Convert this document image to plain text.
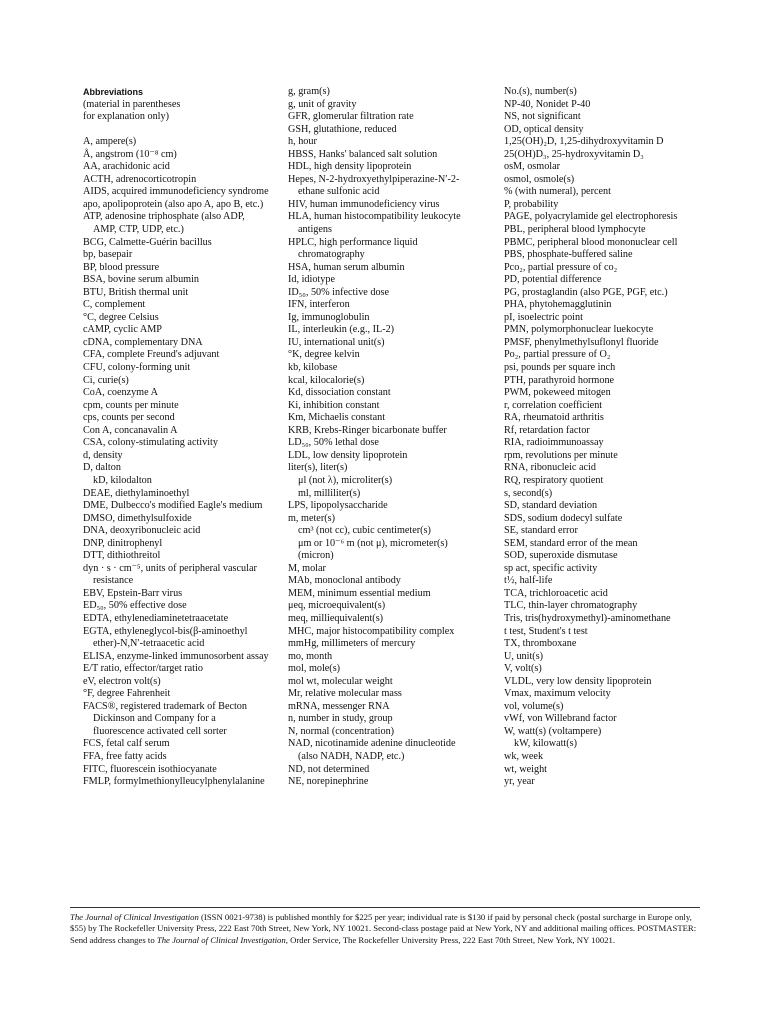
Abbreviations
(material in parentheses
for explanation only)
A, ampere(s)
Å, angstrom (10⁻⁸ cm)
AA, arachidonic acid
ACTH, adrenocorticotropin
AIDS, acquired immunodeficiency syndrome
apo, apolipoprotein (also apo A, apo B, etc.)
ATP, adenosine triphosphate (also ADP,
AMP, CTP, UDP, etc.)
BCG, Calmette-Guérin bacillus
bp, basepair
BP, blood pressure
BSA, bovine serum albumin
BTU, British thermal unit
C, complement
°C, degree Celsius
cAMP, cyclic AMP
cDNA, complementary DNA
CFA, complete Freund's adjuvant
CFU, colony-forming unit
Ci, curie(s)
CoA, coenzyme A
cpm, counts per minute
cps, counts per second
Con A, concanavalin A
CSA, colony-stimulating activity
d, density
D, dalton
kD, kilodalton
DEAE, diethylaminoethyl
DME, Dulbecco's modified Eagle's medium
DMSO, dimethylsulfoxide
DNA, deoxyribonucleic acid
DNP, dinitrophenyl
DTT, dithiothreitol
dyn · s · cm⁻⁵, units of peripheral vascular
resistance
EBV, Epstein-Barr virus
ED₅₀, 50% effective dose
EDTA, ethylenediaminetetraacetate
EGTA, ethyleneglycol-bis(β-aminoethyl
ether)-N,N′-tetraacetic acid
ELISA, enzyme-linked immunosorbent assay
E/T ratio, effector/target ratio
eV, electron volt(s)
°F, degree Fahrenheit
FACS®, registered trademark of Becton
Dickinson and Company for a
fluorescence activated cell sorter
FCS, fetal calf serum
FFA, free fatty acids
FITC, fluorescein isothiocyanate
FMLP, formylmethionylleucylphenylalanine
g, gram(s)
g, unit of gravity
GFR, glomerular filtration rate
GSH, glutathione, reduced
h, hour
HBSS, Hanks' balanced salt solution
HDL, high density lipoprotein
Hepes, N-2-hydroxyethylpiperazine-N′-2-
ethane sulfonic acid
HIV, human immunodeficiency virus
HLA, human histocompatibility leukocyte
antigens
HPLC, high performance liquid
chromatography
HSA, human serum albumin
Id, idiotype
ID₅₀, 50% infective dose
IFN, interferon
Ig, immunoglobulin
IL, interleukin (e.g., IL-2)
IU, international unit(s)
°K, degree kelvin
kb, kilobase
kcal, kilocalorie(s)
Kd, dissociation constant
Ki, inhibition constant
Km, Michaelis constant
KRB, Krebs-Ringer bicarbonate buffer
LD₅₀, 50% lethal dose
LDL, low density lipoprotein
liter(s), liter(s)
μl (not λ), microliter(s)
ml, milliliter(s)
LPS, lipopolysaccharide
m, meter(s)
cm³ (not cc), cubic centimeter(s)
μm or 10⁻⁶ m (not μ), micrometer(s)
(micron)
M, molar
MAb, monoclonal antibody
MEM, minimum essential medium
μeq, microequivalent(s)
meq, milliequivalent(s)
MHC, major histocompatibility complex
mmHg, millimeters of mercury
mo, month
mol, mole(s)
mol wt, molecular weight
Mr, relative molecular mass
mRNA, messenger RNA
n, number in study, group
N, normal (concentration)
NAD, nicotinamide adenine dinucleotide
(also NADH, NADP, etc.)
ND, not determined
NE, norepinephrine
No.(s), number(s)
NP-40, Nonidet P-40
NS, not significant
OD, optical density
1,25(OH)₂D, 1,25-dihydroxyvitamin D
25(OH)D₃, 25-hydroxyvitamin D₃
osM, osmolar
osmol, osmole(s)
% (with numeral), percent
P, probability
PAGE, polyacrylamide gel electrophoresis
PBL, peripheral blood lymphocyte
PBMC, peripheral blood mononuclear cell
PBS, phosphate-buffered saline
Pco₂, partial pressure of co₂
PD, potential difference
PG, prostaglandin (also PGE, PGF, etc.)
PHA, phytohemagglutinin
pI, isoelectric point
PMN, polymorphonuclear luekocyte
PMSF, phenylmethylsuflonyl fluoride
Po₂, partial pressure of O₂
psi, pounds per square inch
PTH, parathyroid hormone
PWM, pokeweed mitogen
r, correlation coefficient
RA, rheumatoid arthritis
Rf, retardation factor
RIA, radioimmunoassay
rpm, revolutions per minute
RNA, ribonucleic acid
RQ, respiratory quotient
s, second(s)
SD, standard deviation
SDS, sodium dodecyl sulfate
SE, standard error
SEM, standard error of the mean
SOD, superoxide dismutase
sp act, specific activity
t½, half-life
TCA, trichloroacetic acid
TLC, thin-layer chromatography
Tris, tris(hydroxymethyl)-aminomethane
t test, Student's t test
TX, thromboxane
U, unit(s)
V, volt(s)
VLDL, very low density lipoprotein
Vmax, maximum velocity
vol, volume(s)
vWf, von Willebrand factor
W, watt(s) (voltampere)
kW, kilowatt(s)
wk, week
wt, weight
yr, year
The Journal of Clinical Investigation (ISSN 0021-9738) is published monthly for $225 per year; individual rate is $130 if paid by personal check (postal surcharge in Europe only, $55) by The Rockefeller University Press, 222 East 70th Street, New York, NY 10021. Second-class postage paid at New York, NY and additional mailing offices. POSTMASTER: Send address changes to The Journal of Clinical Investigation, Order Service, The Rockefeller University Press, 222 East 70th Street, New York, NY 10021.
